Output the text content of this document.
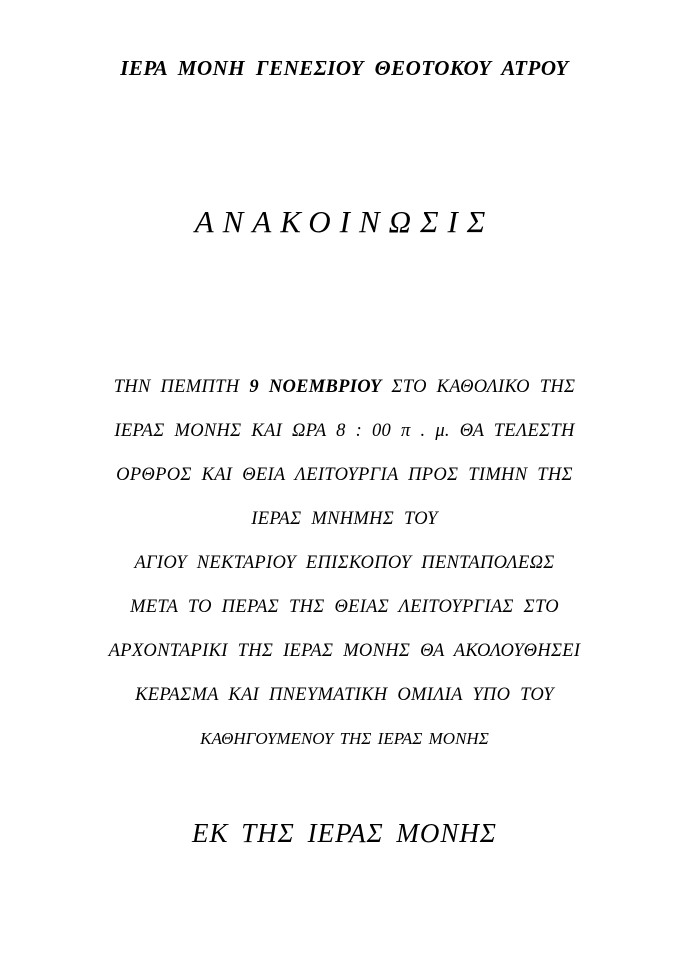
ΙΕΡΑ ΜΟΝΗ ΓΕΝΕΣΙΟΥ ΘΕΟΤΟΚΟΥ ΑΤΡΟΥ
ΑΝΑΚΟΙΝΩΣΙΣ
ΤΗΝ ΠΕΜΠΤΗ 9 ΝΟΕΜΒΡΙΟΥ ΣΤΟ ΚΑΘΟΛΙΚΟ ΤΗΣ
ΙΕΡΑΣ ΜΟΝΗΣ ΚΑΙ ΩΡΑ 8 : 00 π . μ. ΘΑ ΤΕΛΕΣΤΗ
ΟΡΘΡΟΣ ΚΑΙ ΘΕΙΑ ΛΕΙΤΟΥΡΓΙΑ ΠΡΟΣ ΤΙΜΗΝ ΤΗΣ
ΙΕΡΑΣ ΜΝΗΜΗΣ ΤΟΥ
ΑΓΙΟΥ ΝΕΚΤΑΡΙΟΥ ΕΠΙΣΚΟΠΟΥ ΠΕΝΤΑΠΟΛΕΩΣ
ΜΕΤΑ ΤΟ ΠΕΡΑΣ ΤΗΣ ΘΕΙΑΣ ΛΕΙΤΟΥΡΓΙΑΣ ΣΤΟ
ΑΡΧΟΝΤΑΡΙΚΙ ΤΗΣ ΙΕΡΑΣ ΜΟΝΗΣ ΘΑ ΑΚΟΛΟΥΘΗΣΕΙ
ΚΕΡΑΣΜΑ ΚΑΙ ΠΝΕΥΜΑΤΙΚΗ ΟΜΙΛΙΑ ΥΠΟ ΤΟΥ
ΚΑΘΗΓΟΥΜΕΝΟΥ ΤΗΣ ΙΕΡΑΣ ΜΟΝΗΣ
ΕΚ ΤΗΣ ΙΕΡΑΣ ΜΟΝΗΣ
